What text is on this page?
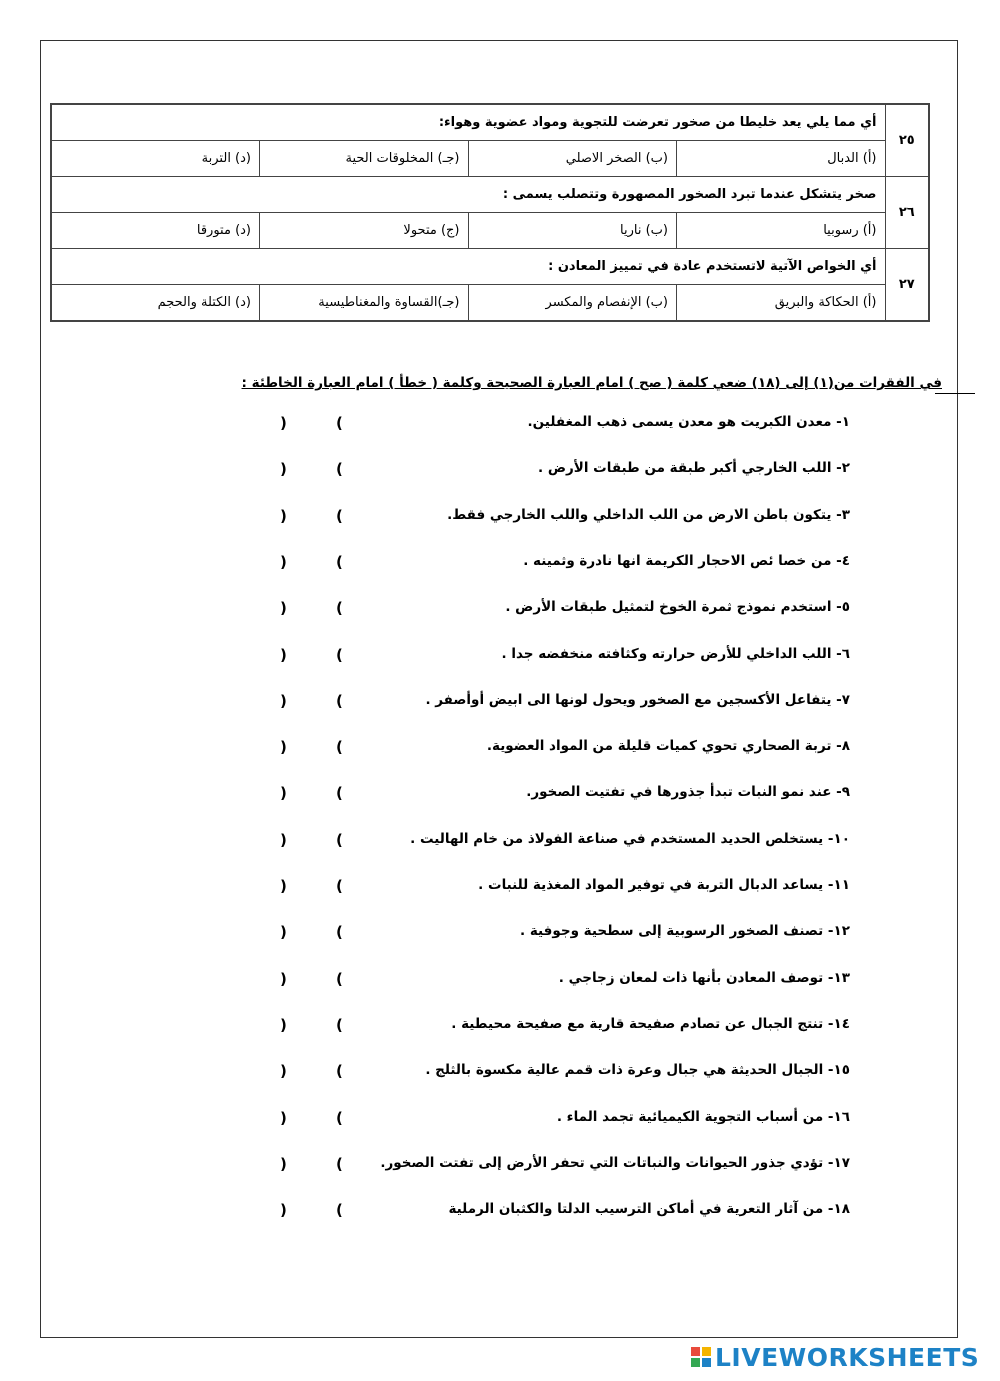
٢٥	أي مما يلي يعد خليطا من صخور تعرضت للتجوية ومواد عضوية وهواء:			
	(أ) الدبال	(ب) الصخر الاصلي	(جـ) المخلوقات الحية	(د) التربة
٢٦	صخر يتشكل عندما تبرد الصخور المصهورة وتتصلب يسمى :			
	(أ) رسوبيا	(ب) ناريا	(ج) متحولا	(د) متورقا
٢٧	أي الخواص الآتية لاتستخدم عادة في تمييز المعادن :			
	(أ) الحكاكة والبريق	(ب) الإنفصام والمكسر	(جـ)القساوة والمغناطيسية	(د) الكتلة والحجم
في الفقرات من(١) إلى (١٨) ضعي كلمة ( صح ) امام العبارة الصحيحة وكلمة ( خطأ ) امام العبارة الخاطئة :
١- معدن الكبريت هو معدن يسمى ذهب المغفلين.
(
)
٢- اللب الخارجي أكبر طبقة من طبقات الأرض .
(
)
٣- يتكون باطن الارض من اللب الداخلي واللب الخارجي فقط.
(
)
٤- من خصا ئص الاحجار الكريمة انها نادرة وثمينه .
(
)
٥- استخدم نموذج ثمرة الخوخ لتمثيل طبقات الأرض .
(
)
٦- اللب الداخلي للأرض حرارته وكثافته منخفضه جدا .
(
)
٧- يتفاعل الأكسجين مع الصخور ويحول لونها الى ابيض أوأصفر .
(
)
٨- تربة الصحاري تحوي كميات قليلة من المواد العضوية.
(
)
٩- عند نمو النبات تبدأ جذورها في تفتيت الصخور.
(
)
١٠- يستخلص الحديد المستخدم في صناعة الفولاذ من خام الهاليت .
(
)
١١- يساعد الدبال التربة في توفير المواد المغذية للنبات .
(
)
١٢- تصنف الصخور الرسوبية إلى سطحية وجوفية .
(
)
١٣- توصف المعادن بأنها ذات لمعان زجاجي .
(
)
١٤- تنتج الجبال عن تصادم صفيحة قارية مع صفيحة محيطية .
(
)
١٥- الجبال الحديثة هي جبال وعرة ذات قمم عالية مكسوة بالثلج .
(
)
١٦- من أسباب التجوية الكيميائية تجمد الماء .
(
)
١٧- تؤدي جذور الحيوانات والنباتات التي تحفر الأرض إلى تفتت الصخور.
(
)
١٨- من آثار التعرية في أماكن الترسيب الدلتا والكثبان الرملية
(
)
LIVEWORKSHEETS
